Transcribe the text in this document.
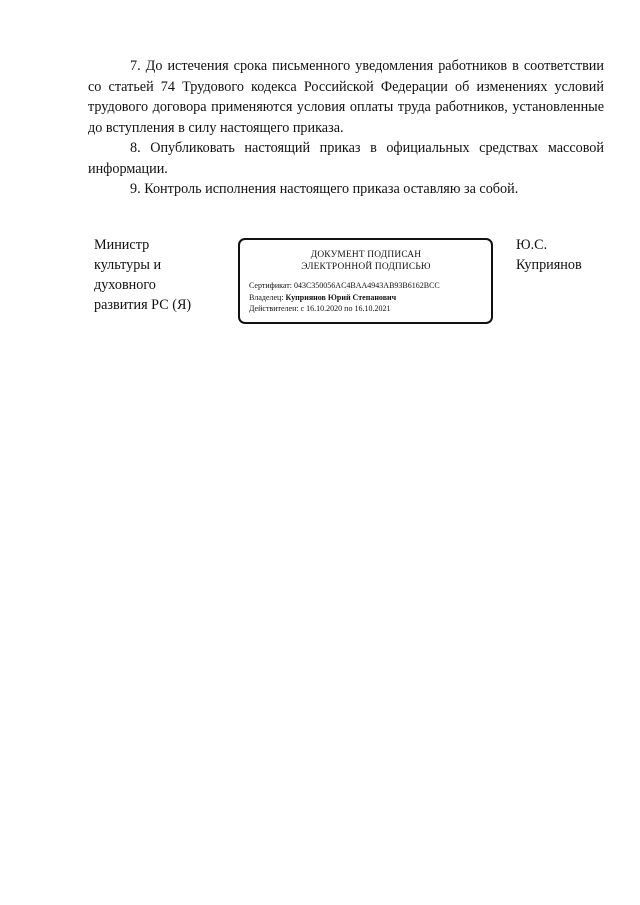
7. До истечения срока письменного уведомления работников в соответствии со статьей 74 Трудового кодекса Российской Федерации об изменениях условий трудового договора применяются условия оплаты труда работников, установленные до вступления в силу настоящего приказа.

8. Опубликовать настоящий приказ в официальных средствах массовой информации.

9. Контроль исполнения настоящего приказа оставляю за собой.

Министр
культуры и
духовного
развития РС (Я)
ДОКУМЕНТ ПОДПИСАН
ЭЛЕКТРОННОЙ ПОДПИСЬЮ
Сертификат: 043C350056AC4BAA4943AB93B6162BCC
Владелец: Куприянов Юрий Степанович
Действителен: с 16.10.2020 по 16.10.2021
Ю.С.
Куприянов
